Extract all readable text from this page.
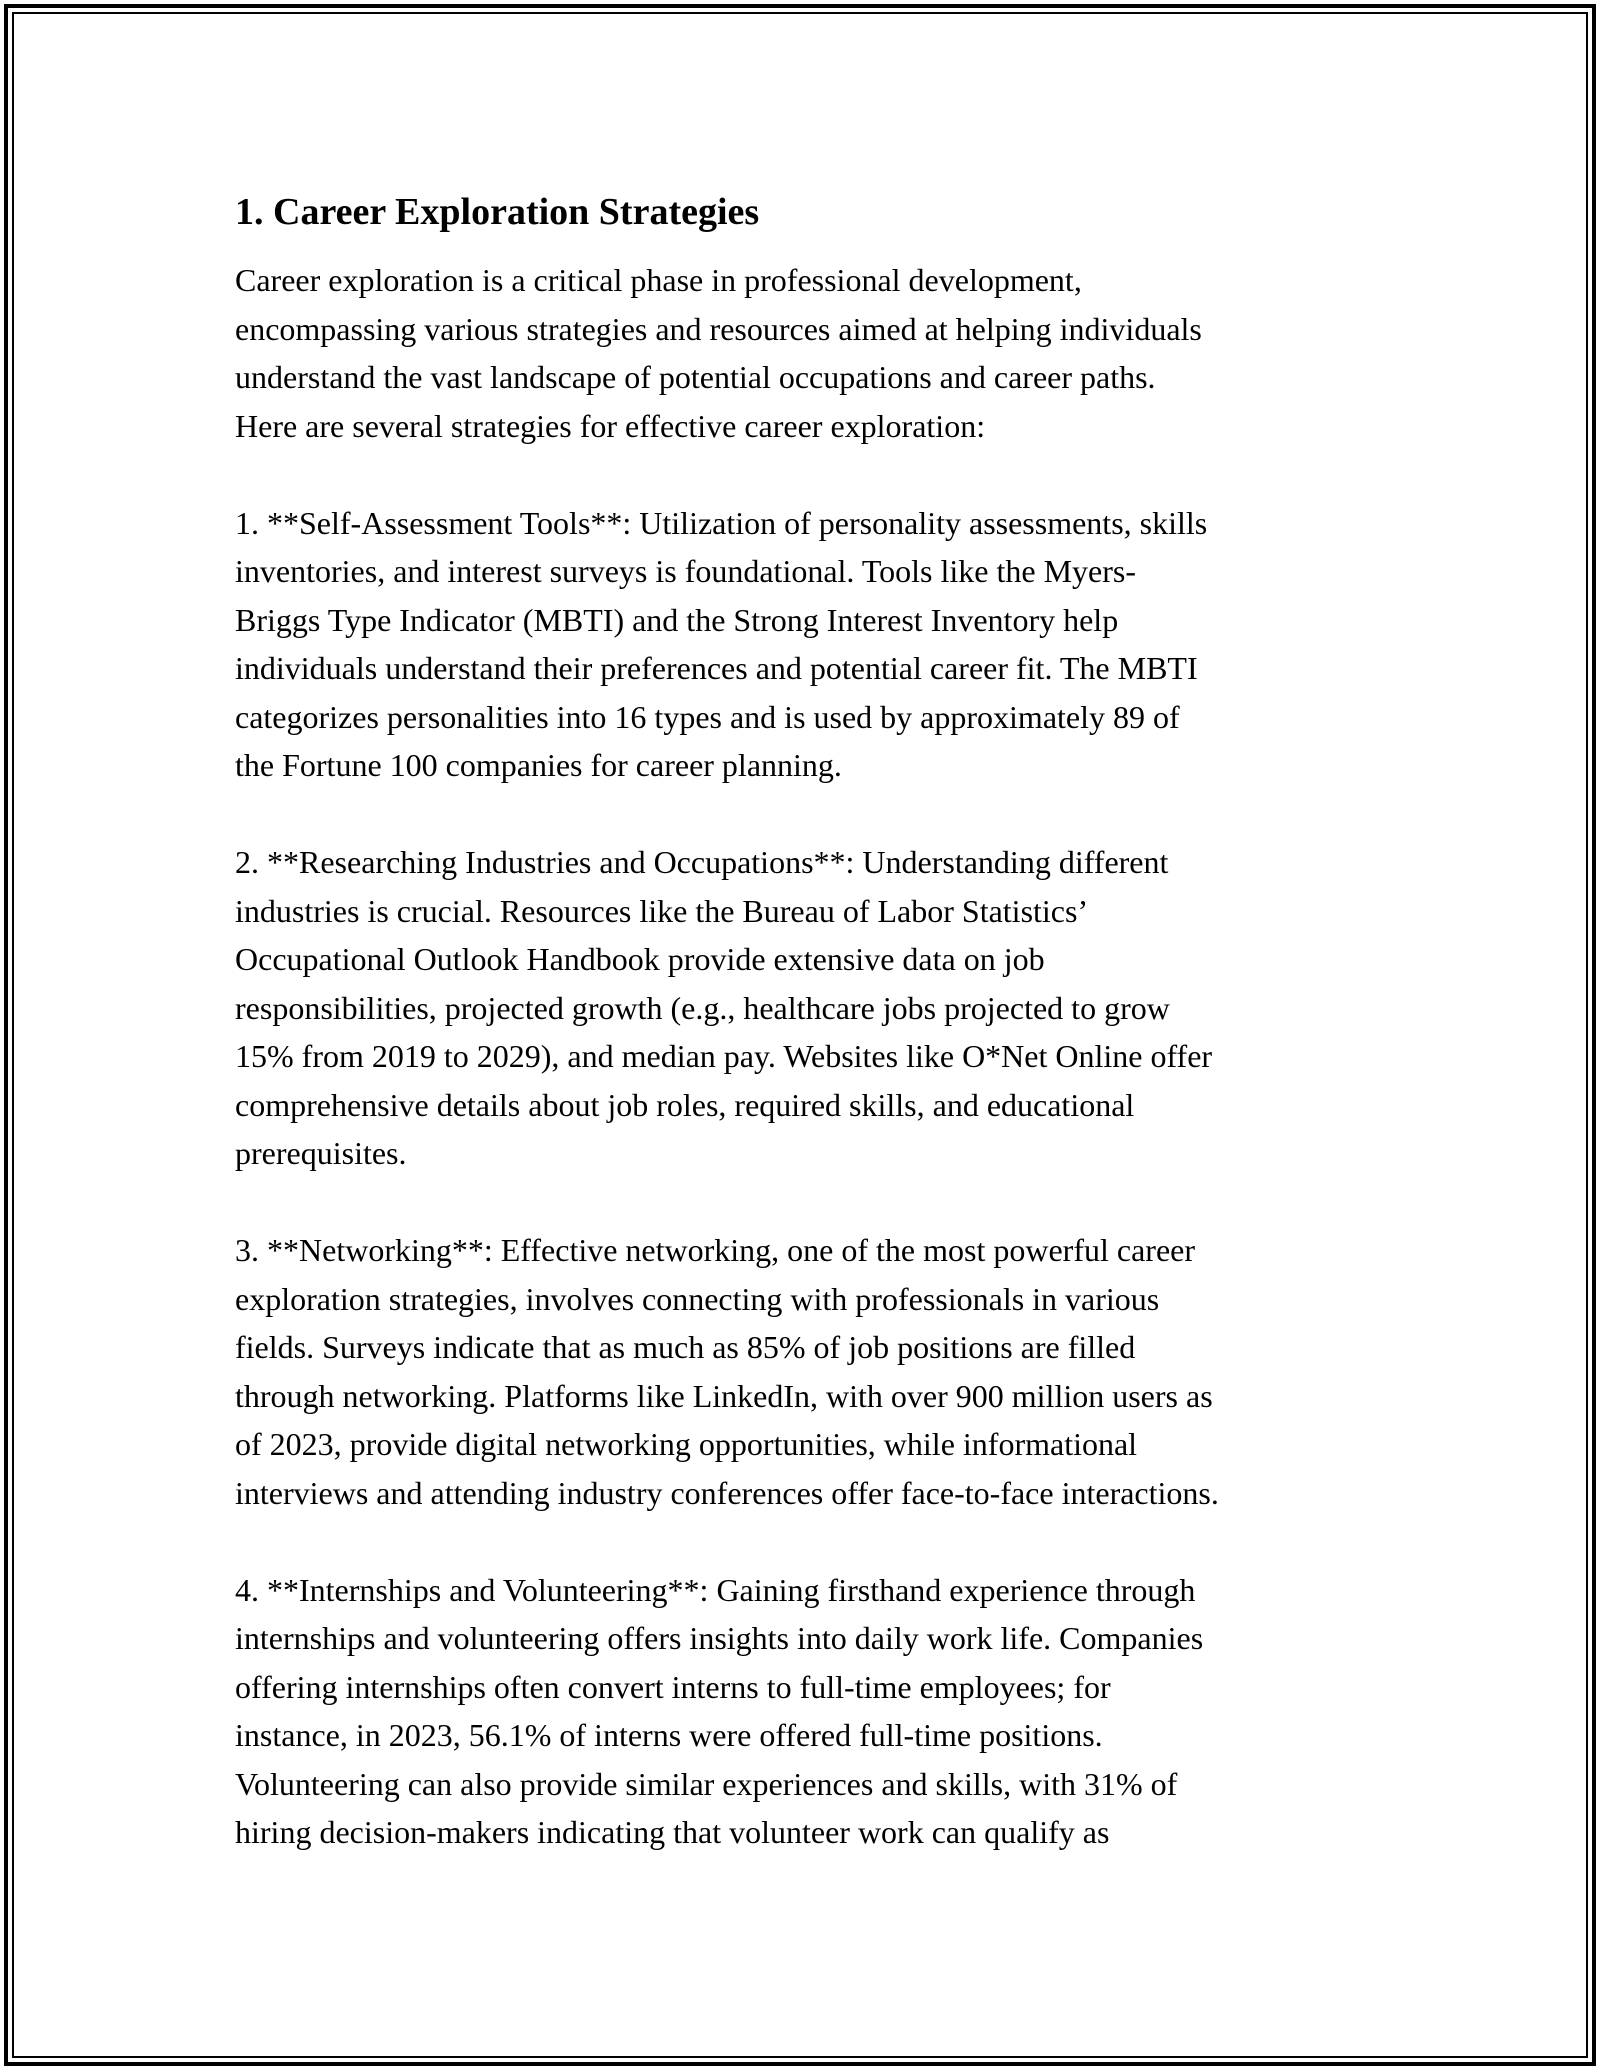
1. Career Exploration Strategies

Career exploration is a critical phase in professional development,
encompassing various strategies and resources aimed at helping individuals
understand the vast landscape of potential occupations and career paths.
Here are several strategies for effective career exploration:

1. **Self-Assessment Tools**: Utilization of personality assessments, skills
inventories, and interest surveys is foundational. Tools like the Myers-
Briggs Type Indicator (MBTI) and the Strong Interest Inventory help
individuals understand their preferences and potential career fit. The MBTI
categorizes personalities into 16 types and is used by approximately 89 of
the Fortune 100 companies for career planning.

2. **Researching Industries and Occupations**: Understanding different
industries is crucial. Resources like the Bureau of Labor Statistics’
Occupational Outlook Handbook provide extensive data on job
responsibilities, projected growth (e.g., healthcare jobs projected to grow
15% from 2019 to 2029), and median pay. Websites like O*Net Online offer
comprehensive details about job roles, required skills, and educational
prerequisites.

3. **Networking**: Effective networking, one of the most powerful career
exploration strategies, involves connecting with professionals in various
fields. Surveys indicate that as much as 85% of job positions are filled
through networking. Platforms like LinkedIn, with over 900 million users as
of 2023, provide digital networking opportunities, while informational
interviews and attending industry conferences offer face-to-face interactions.

4. **Internships and Volunteering**: Gaining firsthand experience through
internships and volunteering offers insights into daily work life. Companies
offering internships often convert interns to full-time employees; for
instance, in 2023, 56.1% of interns were offered full-time positions.
Volunteering can also provide similar experiences and skills, with 31% of
hiring decision-makers indicating that volunteer work can qualify as
